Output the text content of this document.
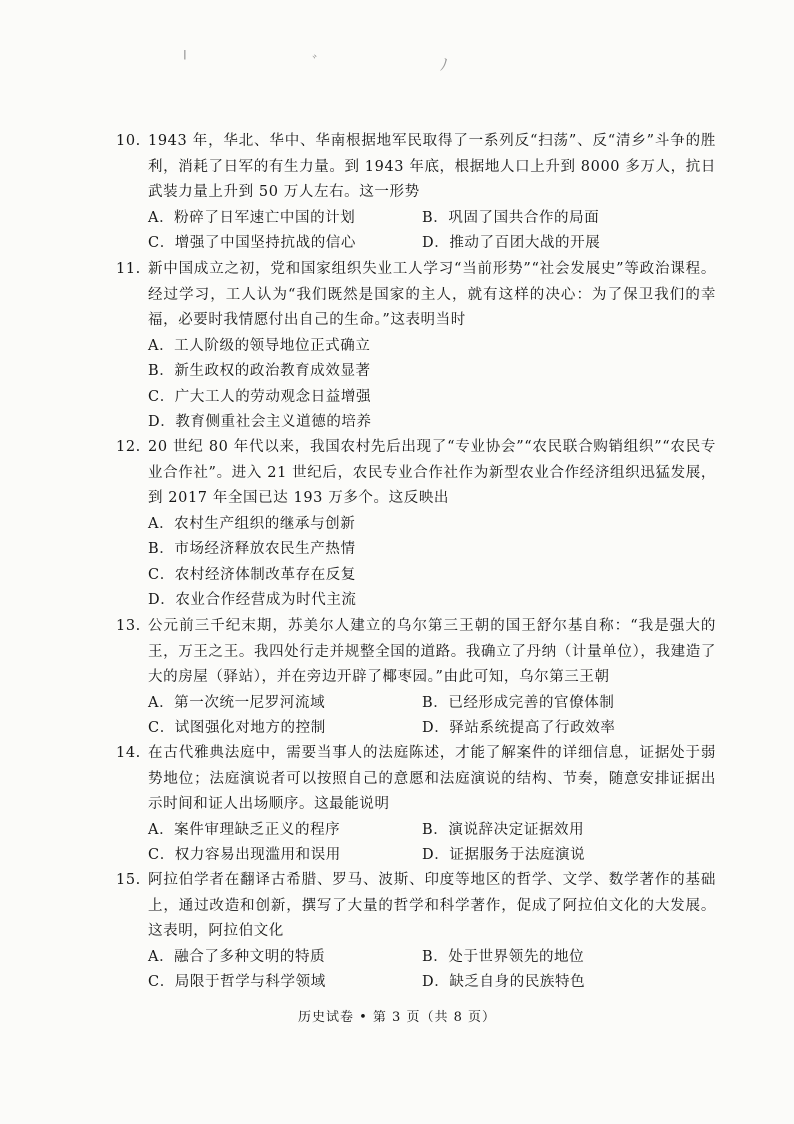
╵	ﾞ	ﾉ
10. 1943 年，华北、华中、华南根据地军民取得了一系列反“扫荡”、反“清乡”斗争的胜利，消耗了日军的有生力量。到 1943 年底，根据地人口上升到 8000 多万人，抗日武装力量上升到 50 万人左右。这一形势
A．粉碎了日军速亡中国的计划	B．巩固了国共合作的局面
C．增强了中国坚持抗战的信心	D．推动了百团大战的开展
11. 新中国成立之初，党和国家组织失业工人学习“当前形势”“社会发展史”等政治课程。经过学习，工人认为“我们既然是国家的主人，就有这样的决心：为了保卫我们的幸福，必要时我情愿付出自己的生命。”这表明当时
A．工人阶级的领导地位正式确立
B．新生政权的政治教育成效显著
C．广大工人的劳动观念日益增强
D．教育侧重社会主义道德的培养
12. 20 世纪 80 年代以来，我国农村先后出现了“专业协会”“农民联合购销组织”“农民专业合作社”。进入 21 世纪后，农民专业合作社作为新型农业合作经济组织迅猛发展，到 2017 年全国已达 193 万多个。这反映出
A．农村生产组织的继承与创新
B．市场经济释放农民生产热情
C．农村经济体制改革存在反复
D．农业合作经营成为时代主流
13. 公元前三千纪末期，苏美尔人建立的乌尔第三王朝的国王舒尔基自称：“我是强大的王，万王之王。我四处行走并规整全国的道路。我确立了丹纳（计量单位），我建造了大的房屋（驿站），并在旁边开辟了椰枣园。”由此可知，乌尔第三王朝
A．第一次统一尼罗河流域	B．已经形成完善的官僚体制
C．试图强化对地方的控制	D．驿站系统提高了行政效率
14. 在古代雅典法庭中，需要当事人的法庭陈述，才能了解案件的详细信息，证据处于弱势地位；法庭演说者可以按照自己的意愿和法庭演说的结构、节奏，随意安排证据出示时间和证人出场顺序。这最能说明
A．案件审理缺乏正义的程序	B．演说辞决定证据效用
C．权力容易出现滥用和误用	D．证据服务于法庭演说
15. 阿拉伯学者在翻译古希腊、罗马、波斯、印度等地区的哲学、文学、数学著作的基础上，通过改造和创新，撰写了大量的哲学和科学著作，促成了阿拉伯文化的大发展。这表明，阿拉伯文化
A．融合了多种文明的特质	B．处于世界领先的地位
C．局限于哲学与科学领域	D．缺乏自身的民族特色
历史试卷 • 第 3 页（共 8 页）
